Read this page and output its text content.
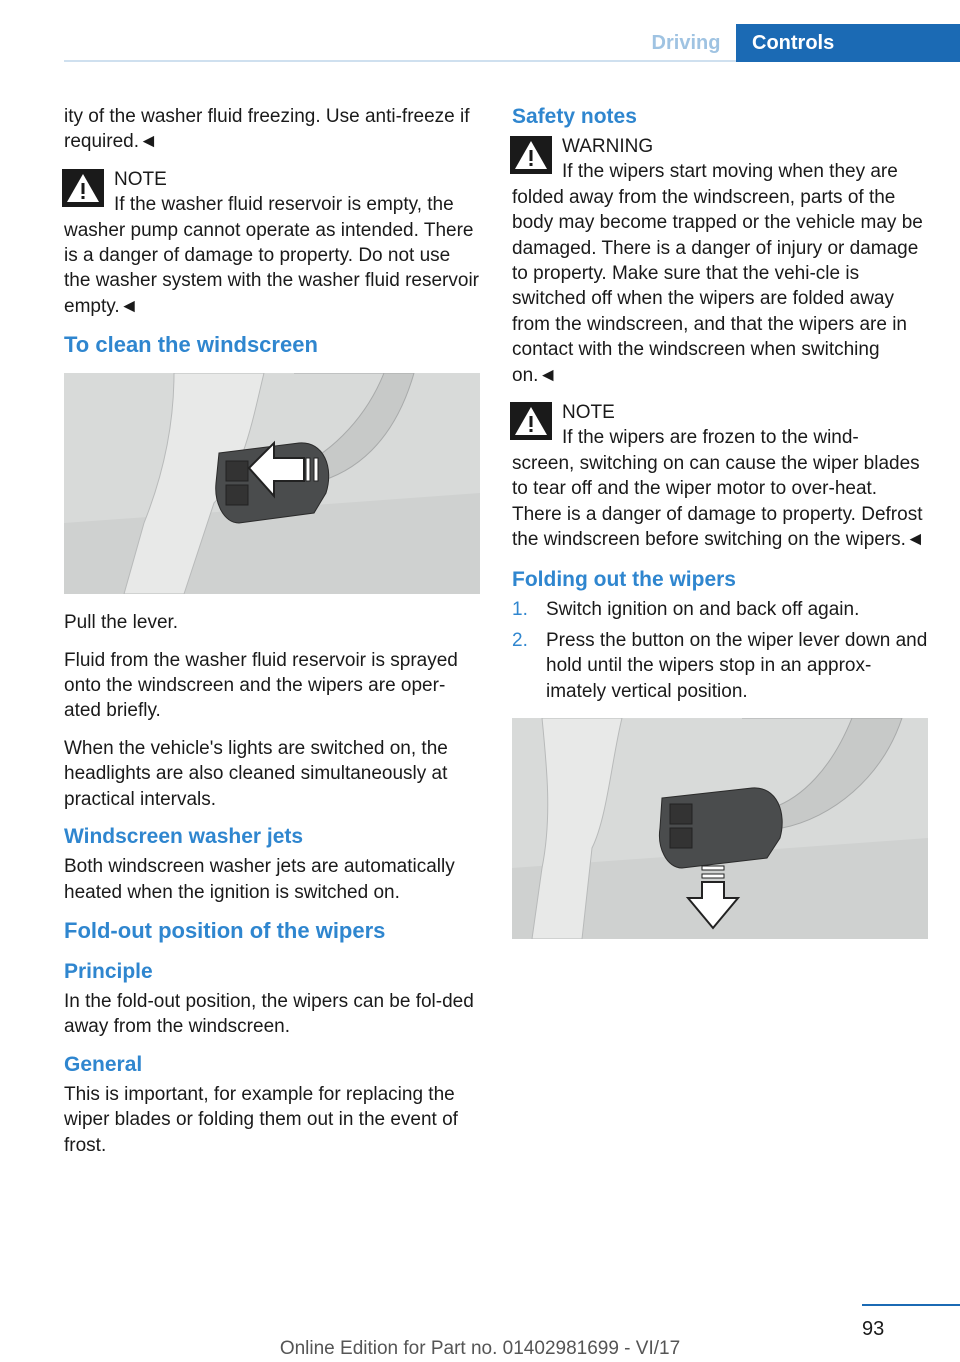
Driving	Controls

ity of the washer fluid freezing. Use anti-freeze if required.◄

NOTE
If the washer fluid reservoir is empty, the
washer pump cannot operate as intended. There is a danger of damage to property. Do not use the washer system with the washer fluid reservoir empty.◄
To clean the windscreen

Pull the lever.

Fluid from the washer fluid reservoir is sprayed onto the windscreen and the wipers are oper-ated briefly.

When the vehicle's lights are switched on, the headlights are also cleaned simultaneously at practical intervals.

Windscreen washer jets

Both windscreen washer jets are automatically heated when the ignition is switched on.

Fold-out position of the wipers
Principle

In the fold-out position, the wipers can be fol-ded away from the windscreen.

General

This is important, for example for replacing the wiper blades or folding them out in the event of frost.

Safety notes
WARNING
If the wipers start moving when they are
folded away from the windscreen, parts of the body may become trapped or the vehicle may be damaged. There is a danger of injury or damage to property. Make sure that the vehi-cle is switched off when the wipers are folded away from the windscreen, and that the wipers are in contact with the windscreen when switching on.◄
NOTE
If the wipers are frozen to the wind-
screen, switching on can cause the wiper blades to tear off and the wiper motor to over-heat. There is a danger of damage to property. Defrost the windscreen before switching on the wipers.◄
Folding out the wipers
1. Switch ignition on and back off again.
2. Press the button on the wiper lever down and hold until the wipers stop in an approx-imately vertical position.
93
Online Edition for Part no. 01402981699 - VI/17
